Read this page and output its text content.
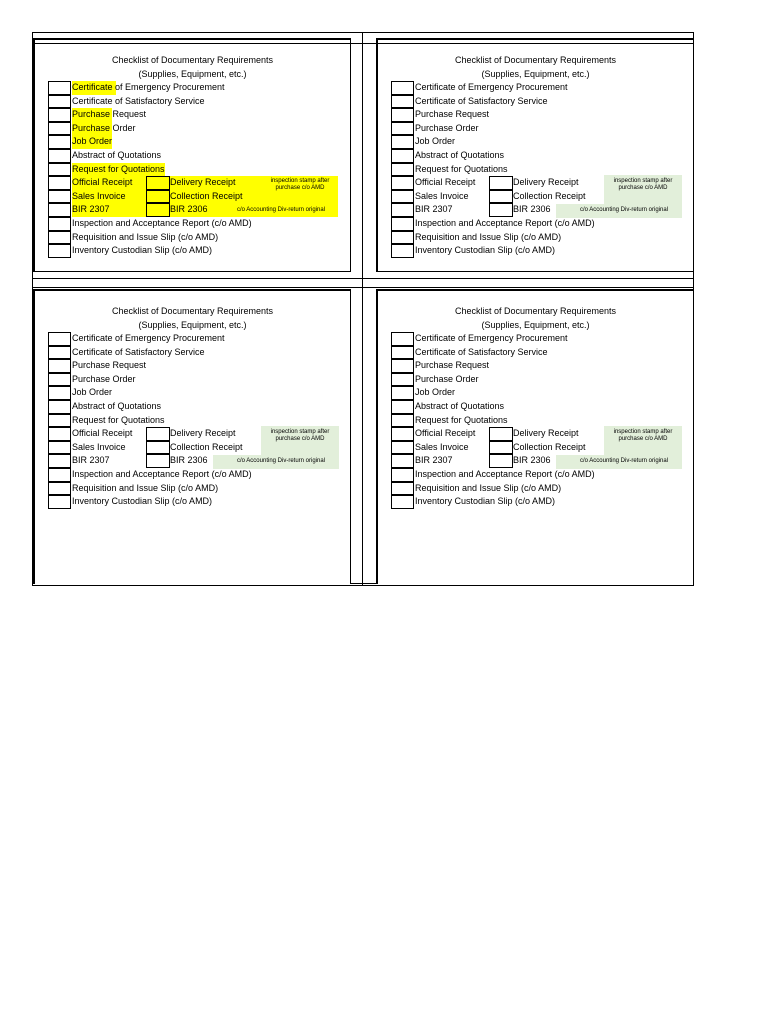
Checklist of Documentary Requirements
(Supplies, Equipment, etc.)
Certificate of Emergency Procurement
Certificate of Satisfactory Service
Purchase Request
Purchase Order
Job Order
Abstract of Quotations
Request for Quotations
Official Receipt	Delivery Receipt
Sales Invoice	Collection Receipt
BIR 2307	BIR 2306
inspection stamp after purchase c/o AMD
c/o Accounting Div-return original
Inspection and Acceptance Report (c/o AMD)
Requisition and Issue Slip (c/o AMD)
Inventory Custodian Slip (c/o AMD)
Checklist of Documentary Requirements
(Supplies, Equipment, etc.)
Certificate of Emergency Procurement
Certificate of Satisfactory Service
Purchase Request
Purchase Order
Job Order
Abstract of Quotations
Request for Quotations
Official Receipt	Delivery Receipt
Sales Invoice	Collection Receipt
BIR 2307	BIR 2306
inspection stamp after purchase c/o AMD
c/o Accounting Div-return original
Inspection and Acceptance Report (c/o AMD)
Requisition and Issue Slip (c/o AMD)
Inventory Custodian Slip (c/o AMD)
Checklist of Documentary Requirements
(Supplies, Equipment, etc.)
Certificate of Emergency Procurement
Certificate of Satisfactory Service
Purchase Request
Purchase Order
Job Order
Abstract of Quotations
Request for Quotations
Official Receipt	Delivery Receipt
Sales Invoice	Collection Receipt
BIR 2307	BIR 2306
inspection stamp after purchase c/o AMD
c/o Accounting Div-return original
Inspection and Acceptance Report (c/o AMD)
Requisition and Issue Slip (c/o AMD)
Inventory Custodian Slip (c/o AMD)
Checklist of Documentary Requirements
(Supplies, Equipment, etc.)
Certificate of Emergency Procurement
Certificate of Satisfactory Service
Purchase Request
Purchase Order
Job Order
Abstract of Quotations
Request for Quotations
Official Receipt	Delivery Receipt
Sales Invoice	Collection Receipt
BIR 2307	BIR 2306
inspection stamp after purchase c/o AMD
c/o Accounting Div-return original
Inspection and Acceptance Report (c/o AMD)
Requisition and Issue Slip (c/o AMD)
Inventory Custodian Slip (c/o AMD)
